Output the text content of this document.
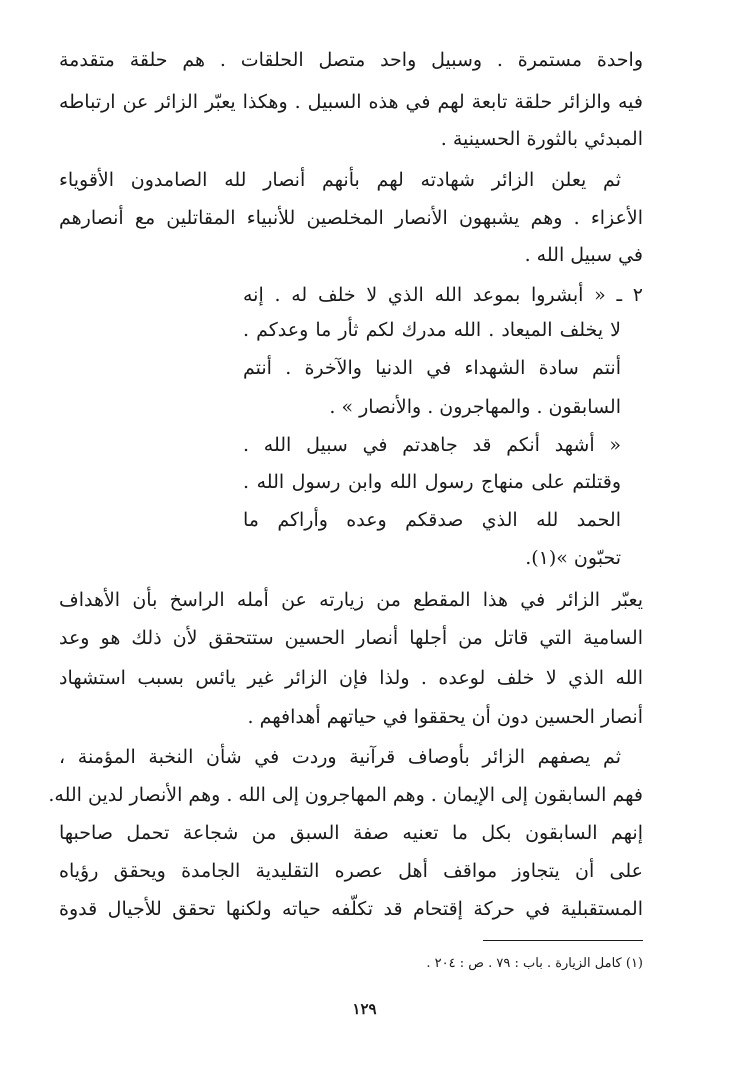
واحدة مستمرة . وسبيل واحد متصل الحلقات . هم حلقة متقدمة
فيه والزائر حلقة تابعة لهم في هذه السبيل . وهكذا يعبّر الزائر عن ارتباطه
المبدئي بالثورة الحسينية .
ثم يعلن الزائر شهادته لهم بأنهم أنصار لله الصامدون الأقوياء
الأعزاء . وهم يشبهون الأنصار المخلصين للأنبياء المقاتلين مع أنصارهم
في سبيل الله .
٢ ـ « أبشروا بموعد الله الذي لا خلف له . إنه
لا يخلف الميعاد . الله مدرك لكم ثأر ما وعدكم .
أنتم سادة الشهداء في الدنيا والآخرة . أنتم
السابقون . والمهاجرون . والأنصار » .
« أشهد أنكم قد جاهدتم في سبيل الله .
وقتلتم على منهاج رسول الله وابن رسول الله .
الحمد لله الذي صدقكم وعده وأراكم ما
تحبّون »(١).
يعبّر الزائر في هذا المقطع من زيارته عن أمله الراسخ بأن الأهداف
السامية التي قاتل من أجلها أنصار الحسين ستتحقق لأن ذلك هو وعد
الله الذي لا خلف لوعده . ولذا فإن الزائر غير يائس بسبب استشهاد
أنصار الحسين دون أن يحققوا في حياتهم أهدافهم .
ثم يصفهم الزائر بأوصاف قرآنية وردت في شأن النخبة المؤمنة ،
فهم السابقون إلى الإيمان . وهم المهاجرون إلى الله . وهم الأنصار لدين الله.
إنهم السابقون بكل ما تعنيه صفة السبق من شجاعة تحمل صاحبها
على أن يتجاوز مواقف أهل عصره التقليدية الجامدة ويحقق رؤياه
المستقبلية في حركة إقتحام قد تكلّفه حياته ولكنها تحقق للأجيال قدوة
(١) كامل الزيارة . باب : ٧٩ . ص : ٢٠٤ .
١٢٩
